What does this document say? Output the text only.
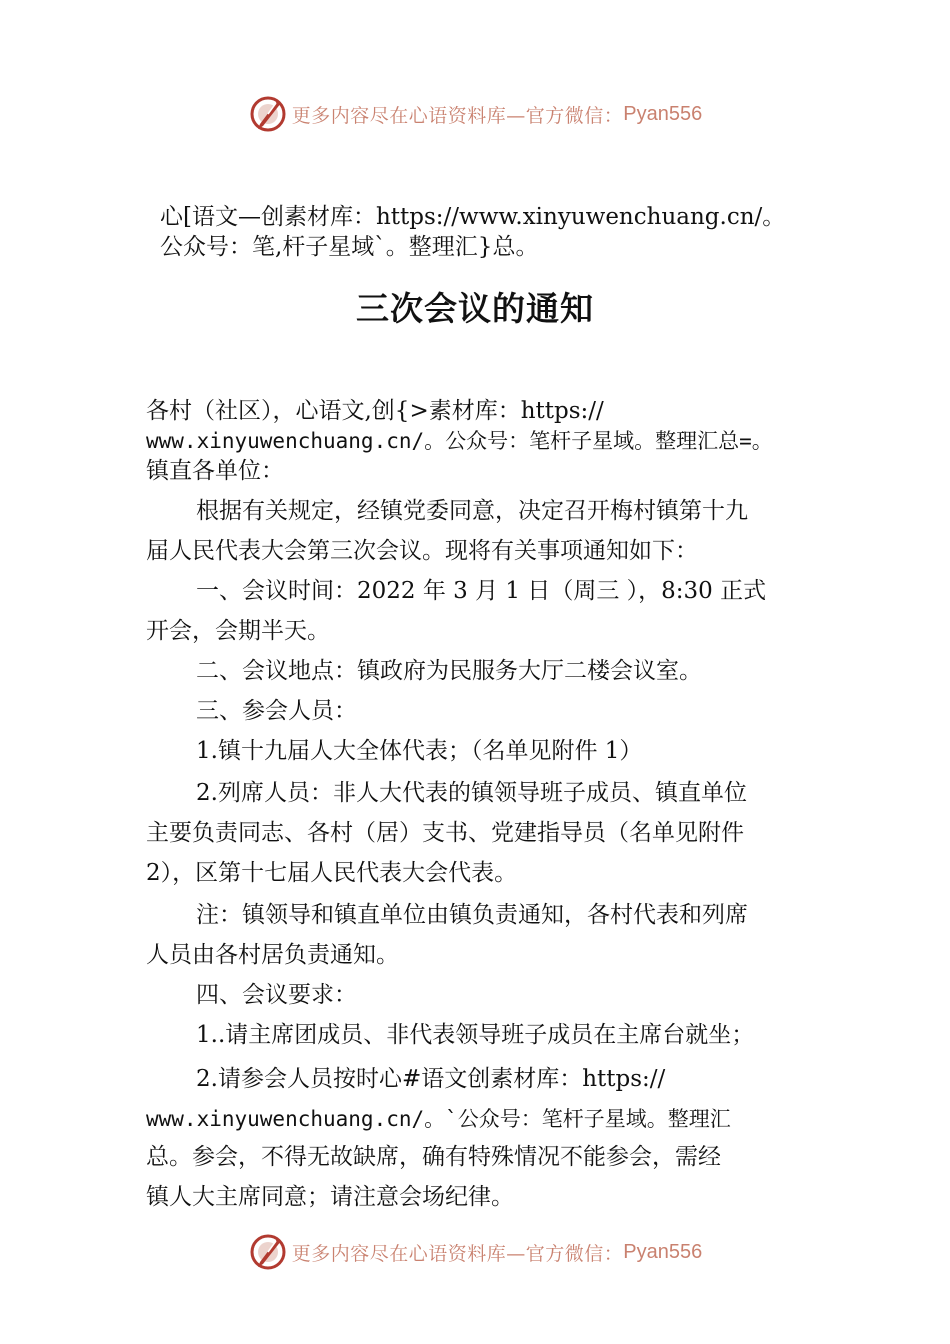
更多内容尽在心语资料库—官方微信： Pyan556
心[语文—创素材库：https://www.xinyuwenchuang.cn/。
公众号：笔,杆子星域`。整理汇}总。
三次会议的通知
各村（社区），心语文,创{>素材库：https://
www.xinyuwenchuang.cn/。公众号：笔杆子星域。整理汇总=。
镇直各单位：
根据有关规定，经镇党委同意，决定召开梅村镇第十九
届人民代表大会第三次会议。现将有关事项通知如下：
一、会议时间：2022 年 3 月 1 日（周三 ），8:30 正式
开会，会期半天。
二、会议地点：镇政府为民服务大厅二楼会议室。
三、参会人员：
1.镇十九届人大全体代表；（名单见附件 1）
2.列席人员：非人大代表的镇领导班子成员、镇直单位
主要负责同志、各村（居）支书、党建指导员（名单见附件
2），区第十七届人民代表大会代表。
注：镇领导和镇直单位由镇负责通知，各村代表和列席
人员由各村居负责通知。
四、会议要求：
1..请主席团成员、非代表领导班子成员在主席台就坐；
2.请参会人员按时心#语文创素材库：https://
www.xinyuwenchuang.cn/。`公众号：笔杆子星域。整理汇
总。参会，不得无故缺席，确有特殊情况不能参会，需经
镇人大主席同意；请注意会场纪律。
更多内容尽在心语资料库—官方微信： Pyan556
